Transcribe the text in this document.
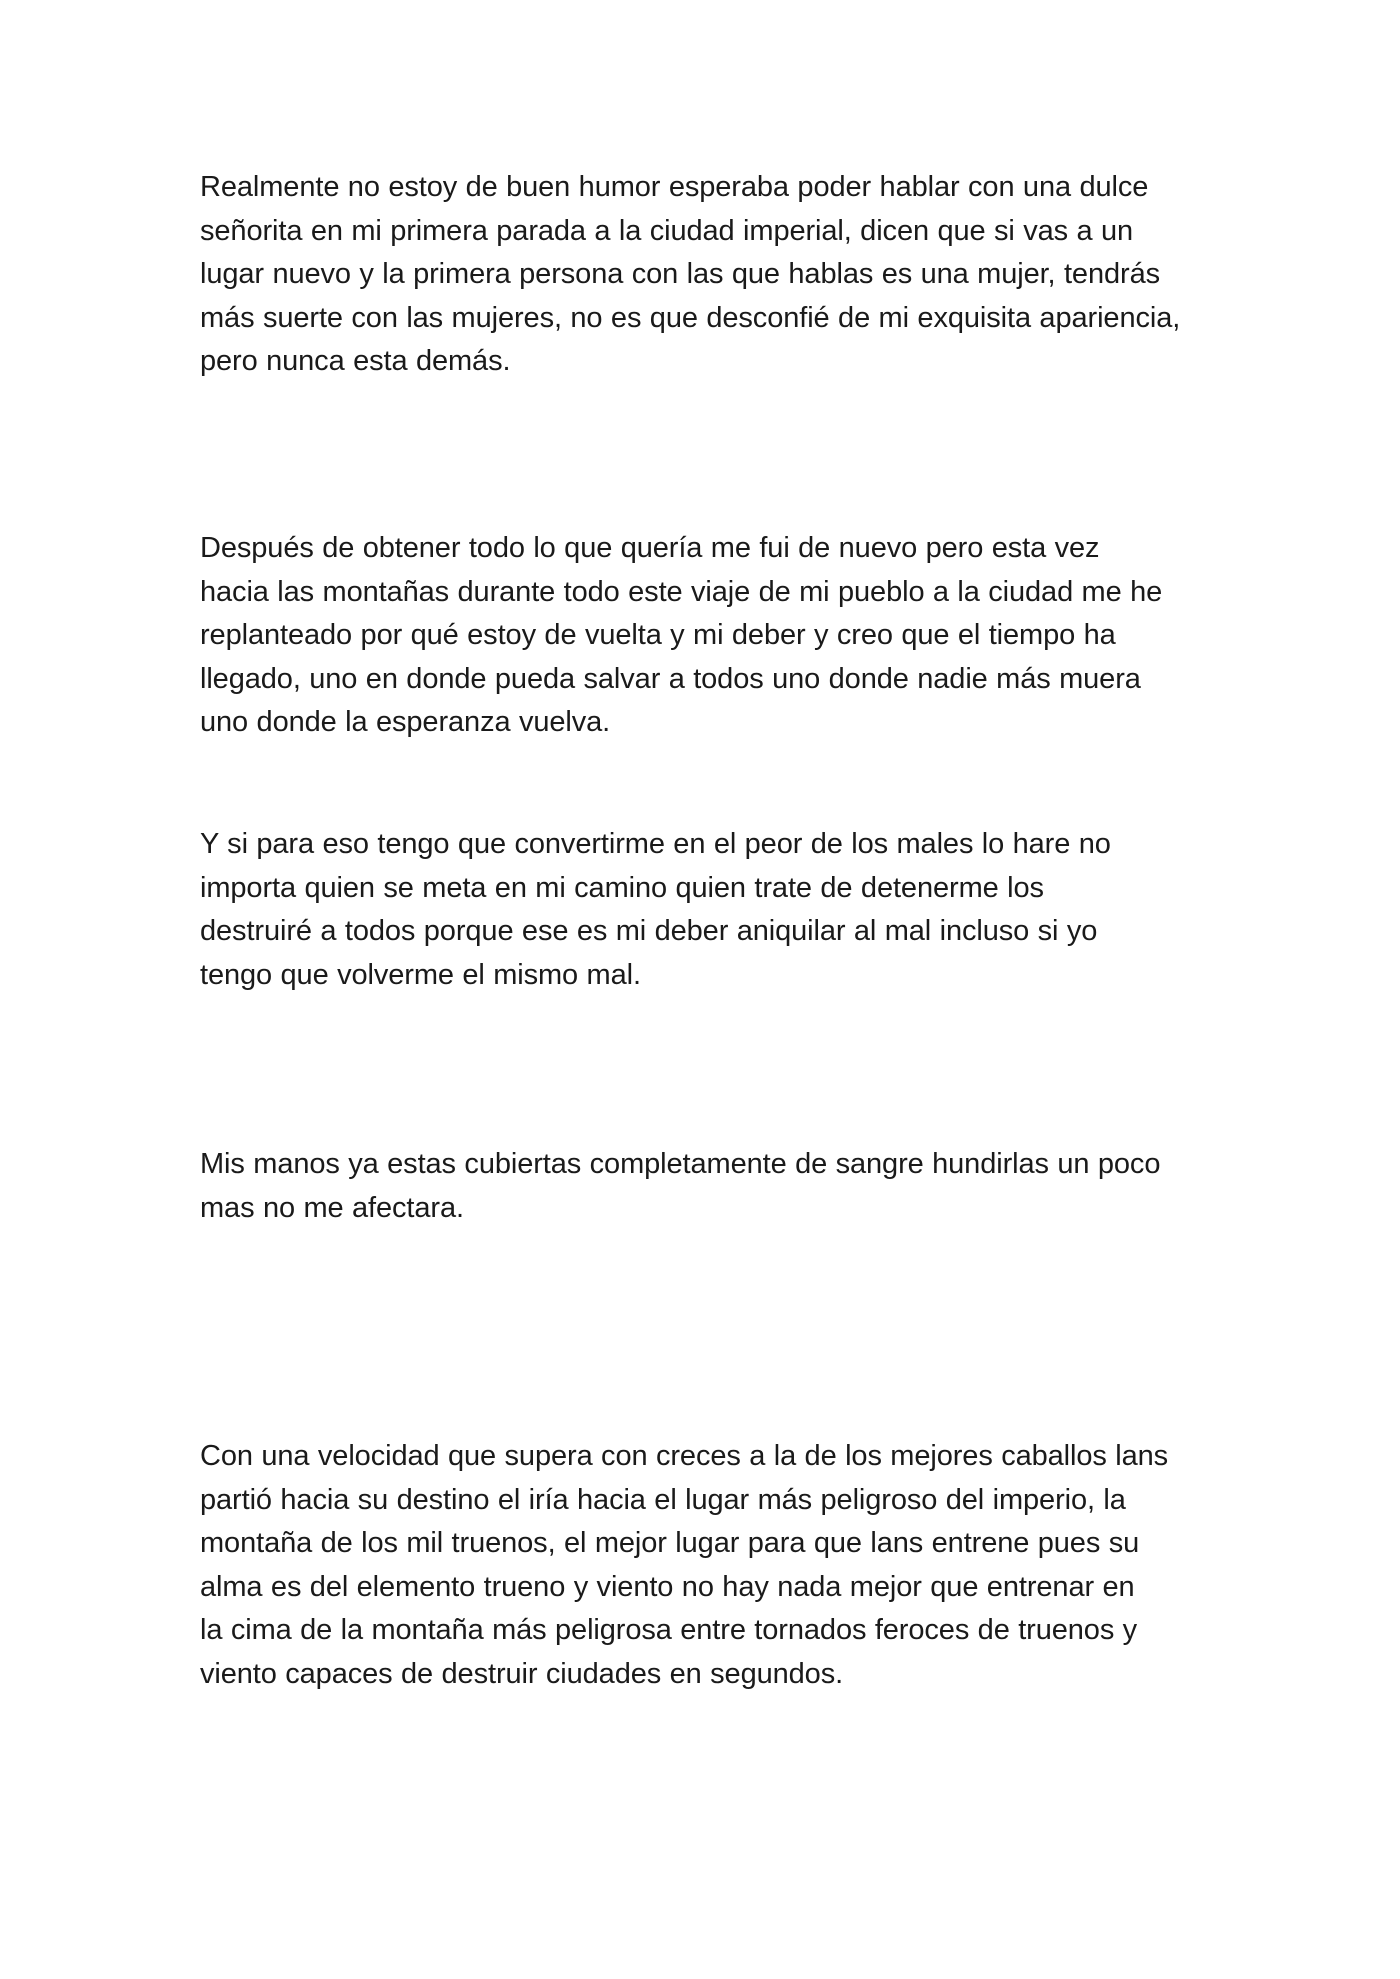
Realmente no estoy de buen humor esperaba poder hablar con una dulce
señorita en mi primera parada a la ciudad imperial, dicen que si vas a un
lugar nuevo y la primera persona con las que hablas es una mujer, tendrás
más suerte con las mujeres, no es que desconfié de mi exquisita apariencia,
pero nunca esta demás.

Después de obtener todo lo que quería me fui de nuevo pero esta vez
hacia las montañas durante todo este viaje de mi pueblo a la ciudad me he
replanteado por qué estoy de vuelta y mi deber y creo que el tiempo ha
llegado, uno en donde pueda salvar a todos uno donde nadie más muera
uno donde la esperanza vuelva.

Y si para eso tengo que convertirme en el peor de los males lo hare no
importa quien se meta en mi camino quien trate de detenerme los
destruiré a todos porque ese es mi deber aniquilar al mal incluso si yo
tengo que volverme el mismo mal.

Mis manos ya estas cubiertas completamente de sangre hundirlas un poco
mas no me afectara.

Con una velocidad que supera con creces a la de los mejores caballos lans
partió hacia su destino el iría hacia el lugar más peligroso del imperio, la
montaña de los mil truenos, el mejor lugar para que lans entrene pues su
alma es del elemento trueno y viento no hay nada mejor que entrenar en
la cima de la montaña más peligrosa entre tornados feroces de truenos y
viento capaces de destruir ciudades en segundos.
